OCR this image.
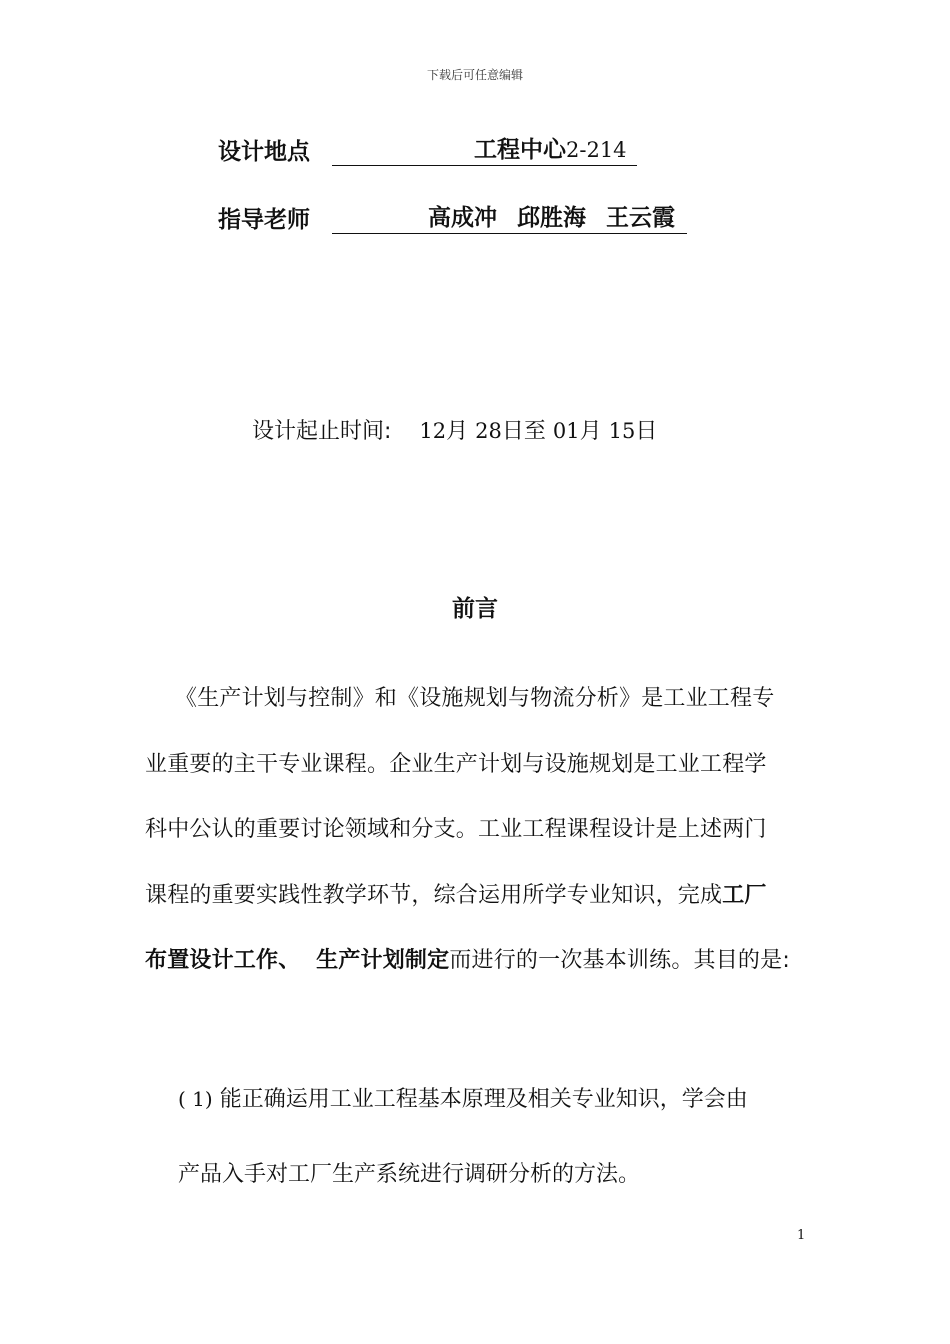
下载后可任意编辑
设计地点	工程中心2-214
指导老师	高成冲 邱胜海 王云霞
设计起止时间: 12月 28日至 01月 15日
前言
《生产计划与控制》和《设施规划与物流分析》是工业工程专
业重要的主干专业课程。企业生产计划与设施规划是工业工程学
科中公认的重要讨论领域和分支。工业工程课程设计是上述两门
课程的重要实践性教学环节，综合运用所学专业知识，完成工厂
布置设计工作、  生产计划制定而进行的一次基本训练。其目的是:
( 1) 能正确运用工业工程基本原理及相关专业知识，学会由
产品入手对工厂生产系统进行调研分析的方法。
1
